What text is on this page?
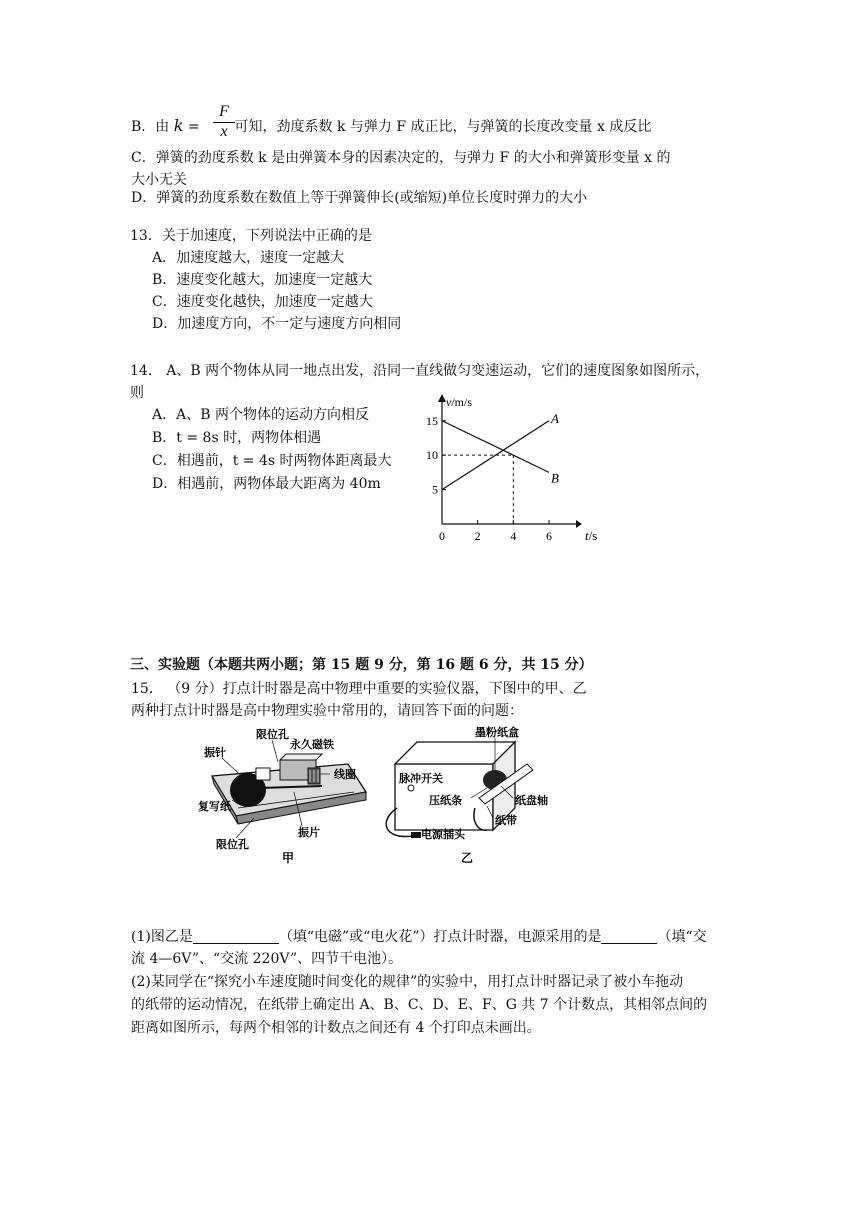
B．由 k =  可知，劲度系数 k 与弹力 F 成正比，与弹簧的长度改变量 x 成反比
$\frac{F}{x}$
C．弹簧的劲度系数 k 是由弹簧本身的因素决定的，与弹力 F 的大小和弹簧形变量 x 的
大小无关
D．弹簧的劲度系数在数值上等于弹簧伸长(或缩短)单位长度时弹力的大小
13．关于加速度，下列说法中正确的是
A．加速度越大，速度一定越大
B．速度变化越大，加速度一定越大
C．速度变化越快，加速度一定越大
D．加速度方向，不一定与速度方向相同
14． A、B 两个物体从同一地点出发，沿同一直线做匀变速运动，它们的速度图象如图所示，
则
A．A、B 两个物体的运动方向相反
B．t = 8s 时，两物体相遇
C．相遇前，t = 4s 时两物体距离最大
D．相遇前，两物体最大距离为 40m
t/s
v/m/s
0 2 4 6
5
10
15	A
B
三、实验题（本题共两小题；第 15 题 9 分，第 16 题 6 分，共 15 分）
15． （9 分）打点计时器是高中物理中重要的实验仪器，下图中的甲、乙
两种打点计时器是高中物理实验中常用的，请回答下面的问题：
限位孔
永久磁铁
振针
线圈
复写纸
振片
限位孔
甲
墨粉纸盒
脉冲开关
压纸条	纸盘轴
纸带
电源插头
乙
(1)图乙是	（填“电磁”或“电火花”）打点计时器，电源采用的是	（填“交
流 4—6V”、“交流 220V”、四节干电池）。
(2)某同学在“探究小车速度随时间变化的规律”的实验中，用打点计时器记录了被小车拖动
的纸带的运动情况，在纸带上确定出 A、B、C、D、E、F、G 共 7 个计数点，其相邻点间的
距离如图所示，每两个相邻的计数点之间还有 4 个打印点未画出。
